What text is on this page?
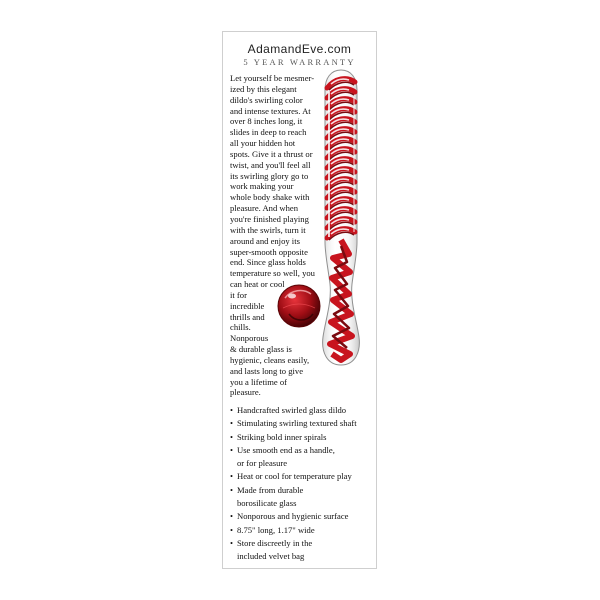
AdamandEve.com
5 YEAR WARRANTY
Let yourself be mesmer-
ized by this elegant
dildo's swirling color
and intense textures. At
over 8 inches long, it
slides in deep to reach
all your hidden hot
spots. Give it a thrust or
twist, and you'll feel all
its swirling glory go to
work making your
whole body shake with
pleasure. And when
you're finished playing
with the swirls, turn it
around and enjoy its
super-smooth opposite
end. Since glass holds
temperature so well, you
can heat or cool
it for
incredible
thrills and
chills.
Nonporous
& durable glass is
hygienic, cleans easily,
and lasts long to give
you a lifetime of
pleasure.
• Handcrafted swirled glass dildo
• Stimulating swirling textured shaft
• Striking bold inner spirals
• Use smooth end as a handle,
or for pleasure
• Heat or cool for temperature play
• Made from durable
borosilicate glass
• Nonporous and hygienic surface
• 8.75" long, 1.17" wide
• Store discreetly in the
included velvet bag
